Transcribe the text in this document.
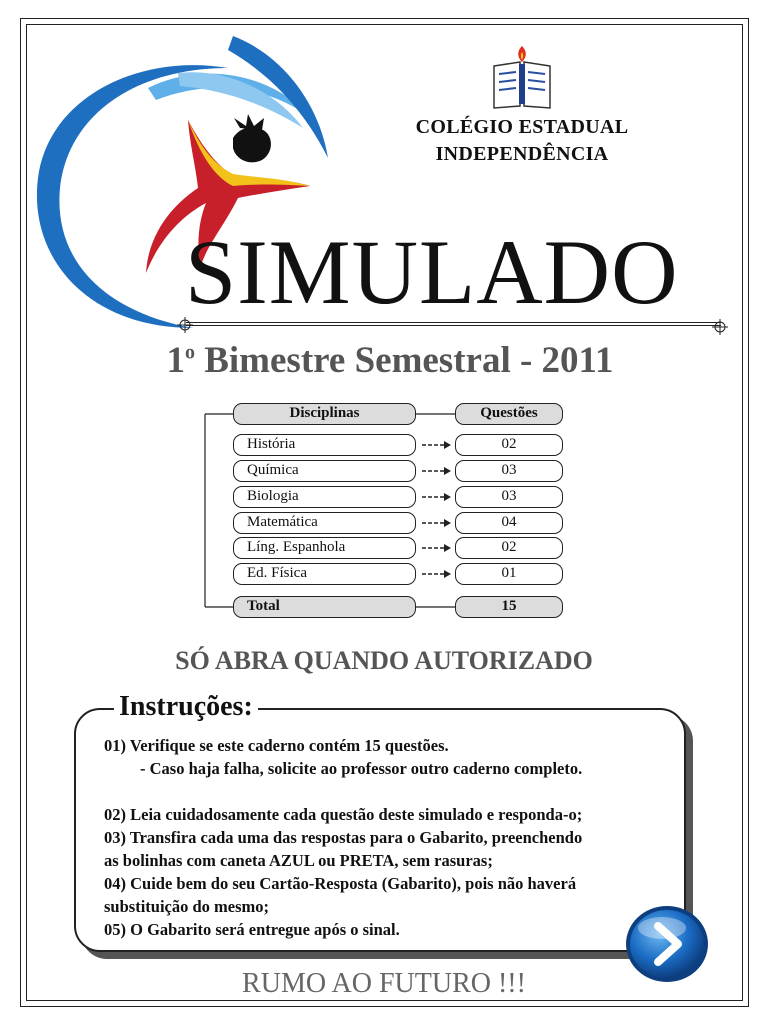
COLÉGIO ESTADUAL
INDEPENDÊNCIA
SIMULADO
1$^o$ Bimestre Semestral - 2011
Disciplinas	Questões
História	02
Química	03
Biologia	03
Matemática	04
Líng. Espanhola	02
Ed. Física	01
Total	15
SÓ ABRA QUANDO AUTORIZADO
Instruções:
01) Verifique se este caderno contém 15 questões.
- Caso haja falha, solicite ao professor outro caderno completo.
02) Leia cuidadosamente cada questão deste simulado e responda-o;
03) Transfira cada uma das respostas para o Gabarito, preenchendo
as bolinhas com caneta AZUL ou PRETA, sem rasuras;
04) Cuide bem do seu Cartão-Resposta (Gabarito), pois não haverá
substituição do mesmo;
05) O Gabarito será entregue após o sinal.
RUMO AO FUTURO !!!
